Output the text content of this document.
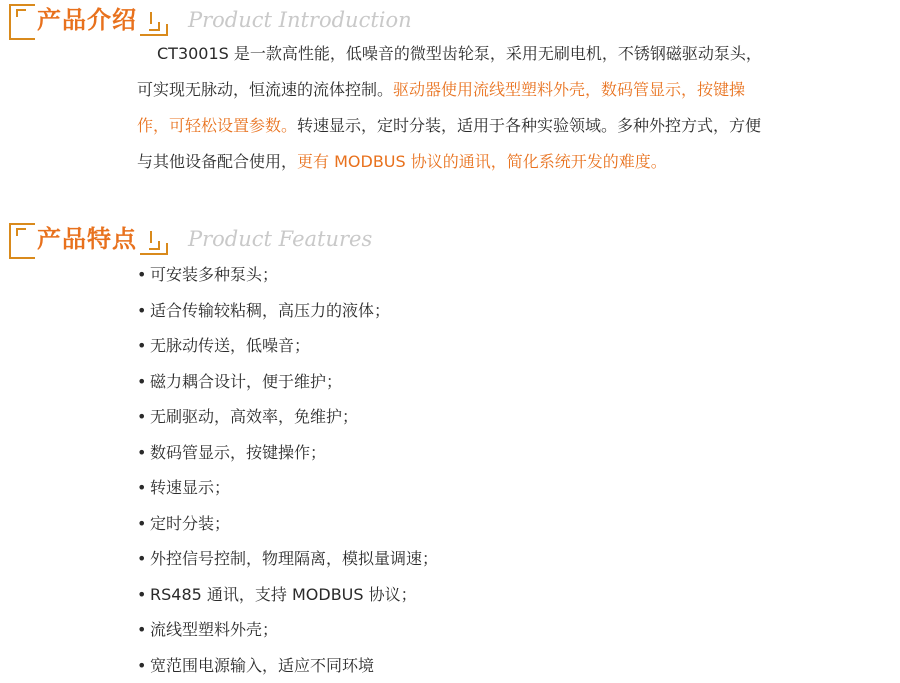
产品介绍 Product Introduction
CT3001S 是一款高性能，低噪音的微型齿轮泵，采用无刷电机，不锈钢磁驱动泵头，可实现无脉动，恒流速的流体控制。驱动器使用流线型塑料外壳，数码管显示，按键操作，可轻松设置参数。转速显示，定时分装，适用于各种实验领域。多种外控方式，方便与其他设备配合使用，更有 MODBUS 协议的通讯，简化系统开发的难度。
产品特点 Product Features
• 可安装多种泵头；
• 适合传输较粘稠，高压力的液体；
• 无脉动传送，低噪音；
• 磁力耦合设计，便于维护；
• 无刷驱动，高效率，免维护；
• 数码管显示，按键操作；
• 转速显示；
• 定时分装；
• 外控信号控制，物理隔离，模拟量调速；
• RS485 通讯，支持 MODBUS 协议；
• 流线型塑料外壳；
• 宽范围电源输入，适应不同环境
